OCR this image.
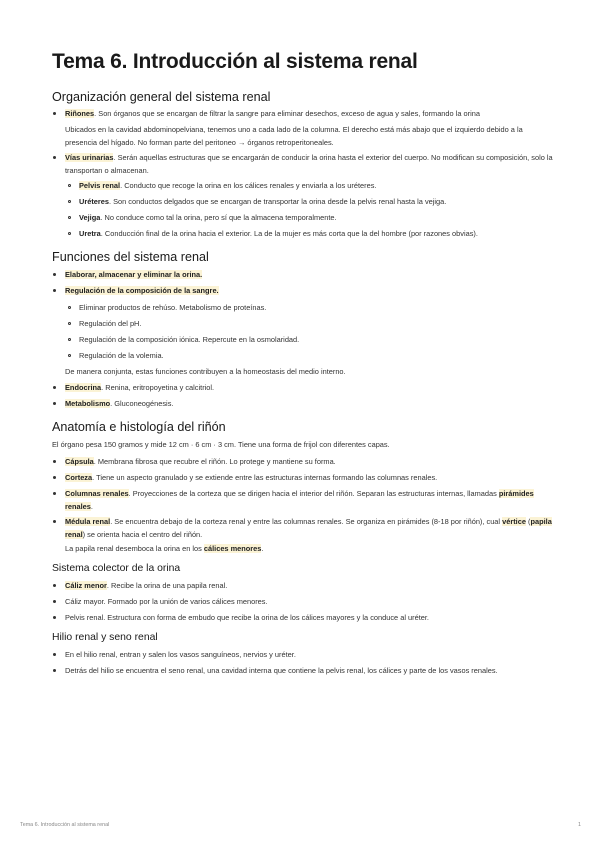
Tema 6. Introducción al sistema renal
Organización general del sistema renal

Riñones. Son órganos que se encargan de filtrar la sangre para eliminar desechos, exceso de agua y sales, formando la orina

Ubicados en la cavidad abdominopelviana, tenemos uno a cada lado de la columna. El derecho está más abajo que el izquierdo debido a la presencia del hígado. No forman parte del peritoneo → órganos retroperitoneales.

Vías urinarias. Serán aquellas estructuras que se encargarán de conducir la orina hasta el exterior del cuerpo. No modifican su composición, solo la transportan o almacenan.

Pelvis renal. Conducto que recoge la orina en los cálices renales y enviarla a los uréteres.

Uréteres. Son conductos delgados que se encargan de transportar la orina desde la pelvis renal hasta la vejiga.

Vejiga. No conduce como tal la orina, pero sí que la almacena temporalmente.

Uretra. Conducción final de la orina hacia el exterior. La de la mujer es más corta que la del hombre (por razones obvias).

Funciones del sistema renal

Elaborar, almacenar y eliminar la orina.

Regulación de la composición de la sangre.

Eliminar productos de rehúso. Metabolismo de proteínas.

Regulación del pH.

Regulación de la composición iónica. Repercute en la osmolaridad.

Regulación de la volemia.

De manera conjunta, estas funciones contribuyen a la homeostasis del medio interno.

Endocrina. Renina, eritropoyetina y calcitriol.

Metabolismo. Gluconeogénesis.

Anatomía e histología del riñón

El órgano pesa 150 gramos y mide 12 cm · 6 cm · 3 cm. Tiene una forma de frijol con diferentes capas.

Cápsula. Membrana fibrosa que recubre el riñón. Lo protege y mantiene su forma.

Corteza. Tiene un aspecto granulado y se extiende entre las estructuras internas formando las columnas renales.

Columnas renales. Proyecciones de la corteza que se dirigen hacia el interior del riñón. Separan las estructuras internas, llamadas pirámides renales.

Médula renal. Se encuentra debajo de la corteza renal y entre las columnas renales. Se organiza en pirámides (8-18 por riñón), cual vértice (papila renal) se orienta hacia el centro del riñón.

La papila renal desemboca la orina en los cálices menores.

Sistema colector de la orina

Cáliz menor. Recibe la orina de una papila renal.

Cáliz mayor. Formado por la unión de varios cálices menores.

Pelvis renal. Estructura con forma de embudo que recibe la orina de los cálices mayores y la conduce al uréter.

Hilio renal y seno renal

En el hilio renal, entran y salen los vasos sanguíneos, nervios y uréter.

Detrás del hilio se encuentra el seno renal, una cavidad interna que contiene la pelvis renal, los cálices y parte de los vasos renales.

Tema 6. Introducción al sistema renal	1
